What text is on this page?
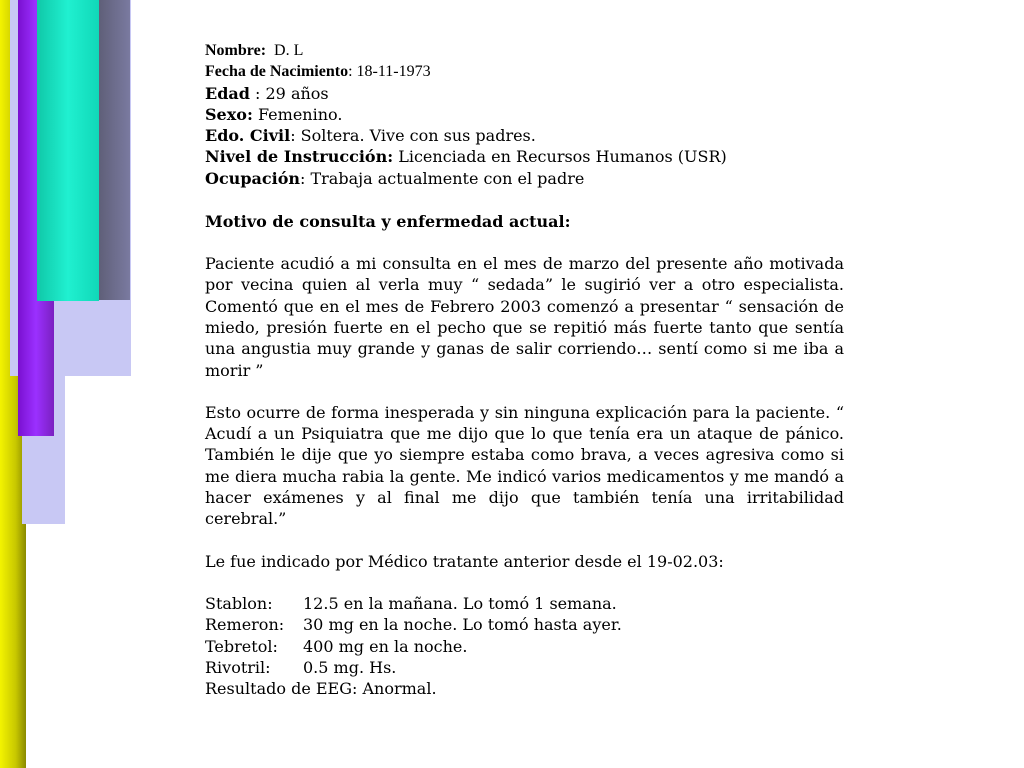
Nombre: D. L
Fecha de Nacimiento: 18-11-1973
Edad : 29 años
Sexo: Femenino.
Edo. Civil: Soltera. Vive con sus padres.
Nivel de Instrucción: Licenciada en Recursos Humanos (USR)
Ocupación: Trabaja actualmente con el padre
Motivo de consulta y enfermedad actual:
Paciente acudió a mi consulta en el mes de marzo del presente año motivada por vecina quien al verla muy “ sedada” le sugirió ver a otro especialista. Comentó que en el mes de Febrero 2003 comenzó a presentar “ sensación de miedo, presión fuerte en el pecho que se repitió más fuerte tanto que sentía una angustia muy grande y ganas de salir corriendo… sentí como si me iba a morir ”
Esto ocurre de forma inesperada y sin ninguna explicación para la paciente. “ Acudí a un Psiquiatra que me dijo que lo que tenía era un ataque de pánico. También le dije que yo siempre estaba como brava, a veces agresiva como si me diera mucha rabia la gente. Me indicó varios medicamentos y me mandó a hacer exámenes y al final me dijo que también tenía una irritabilidad cerebral.”
Le fue indicado por Médico tratante anterior desde el 19-02.03:
Stablon: 12.5 en la mañana. Lo tomó 1 semana.
Remeron: 30 mg en la noche. Lo tomó hasta ayer.
Tebretol: 400 mg en la noche.
Rivotril: 0.5 mg. Hs.
Resultado de EEG: Anormal.
